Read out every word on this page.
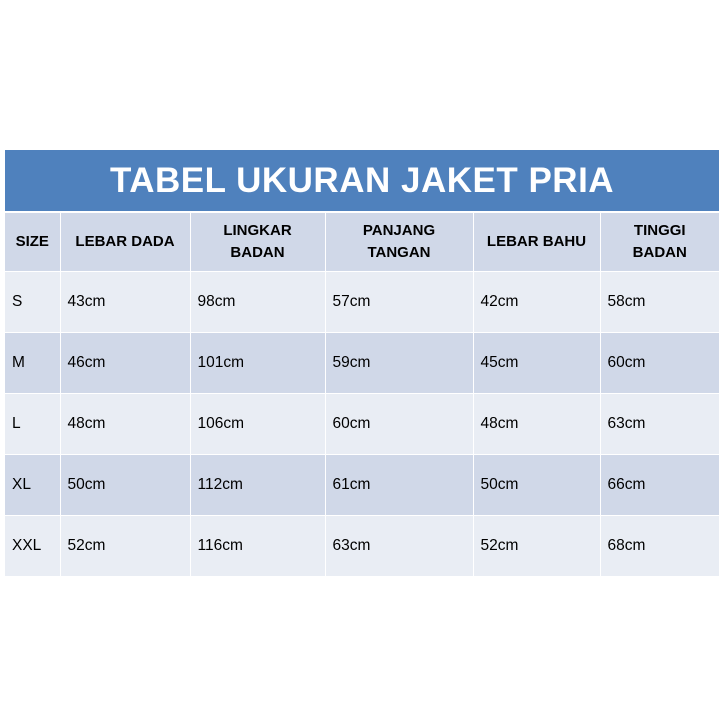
TABEL UKURAN JAKET PRIA					
SIZE	LEBAR DADA	LINGKAR BADAN	PANJANG TANGAN	LEBAR BAHU	TINGGI BADAN
S	43cm	98cm	57cm	42cm	58cm
M	46cm	101cm	59cm	45cm	60cm
L	48cm	106cm	60cm	48cm	63cm
XL	50cm	112cm	61cm	50cm	66cm
XXL	52cm	116cm	63cm	52cm	68cm
